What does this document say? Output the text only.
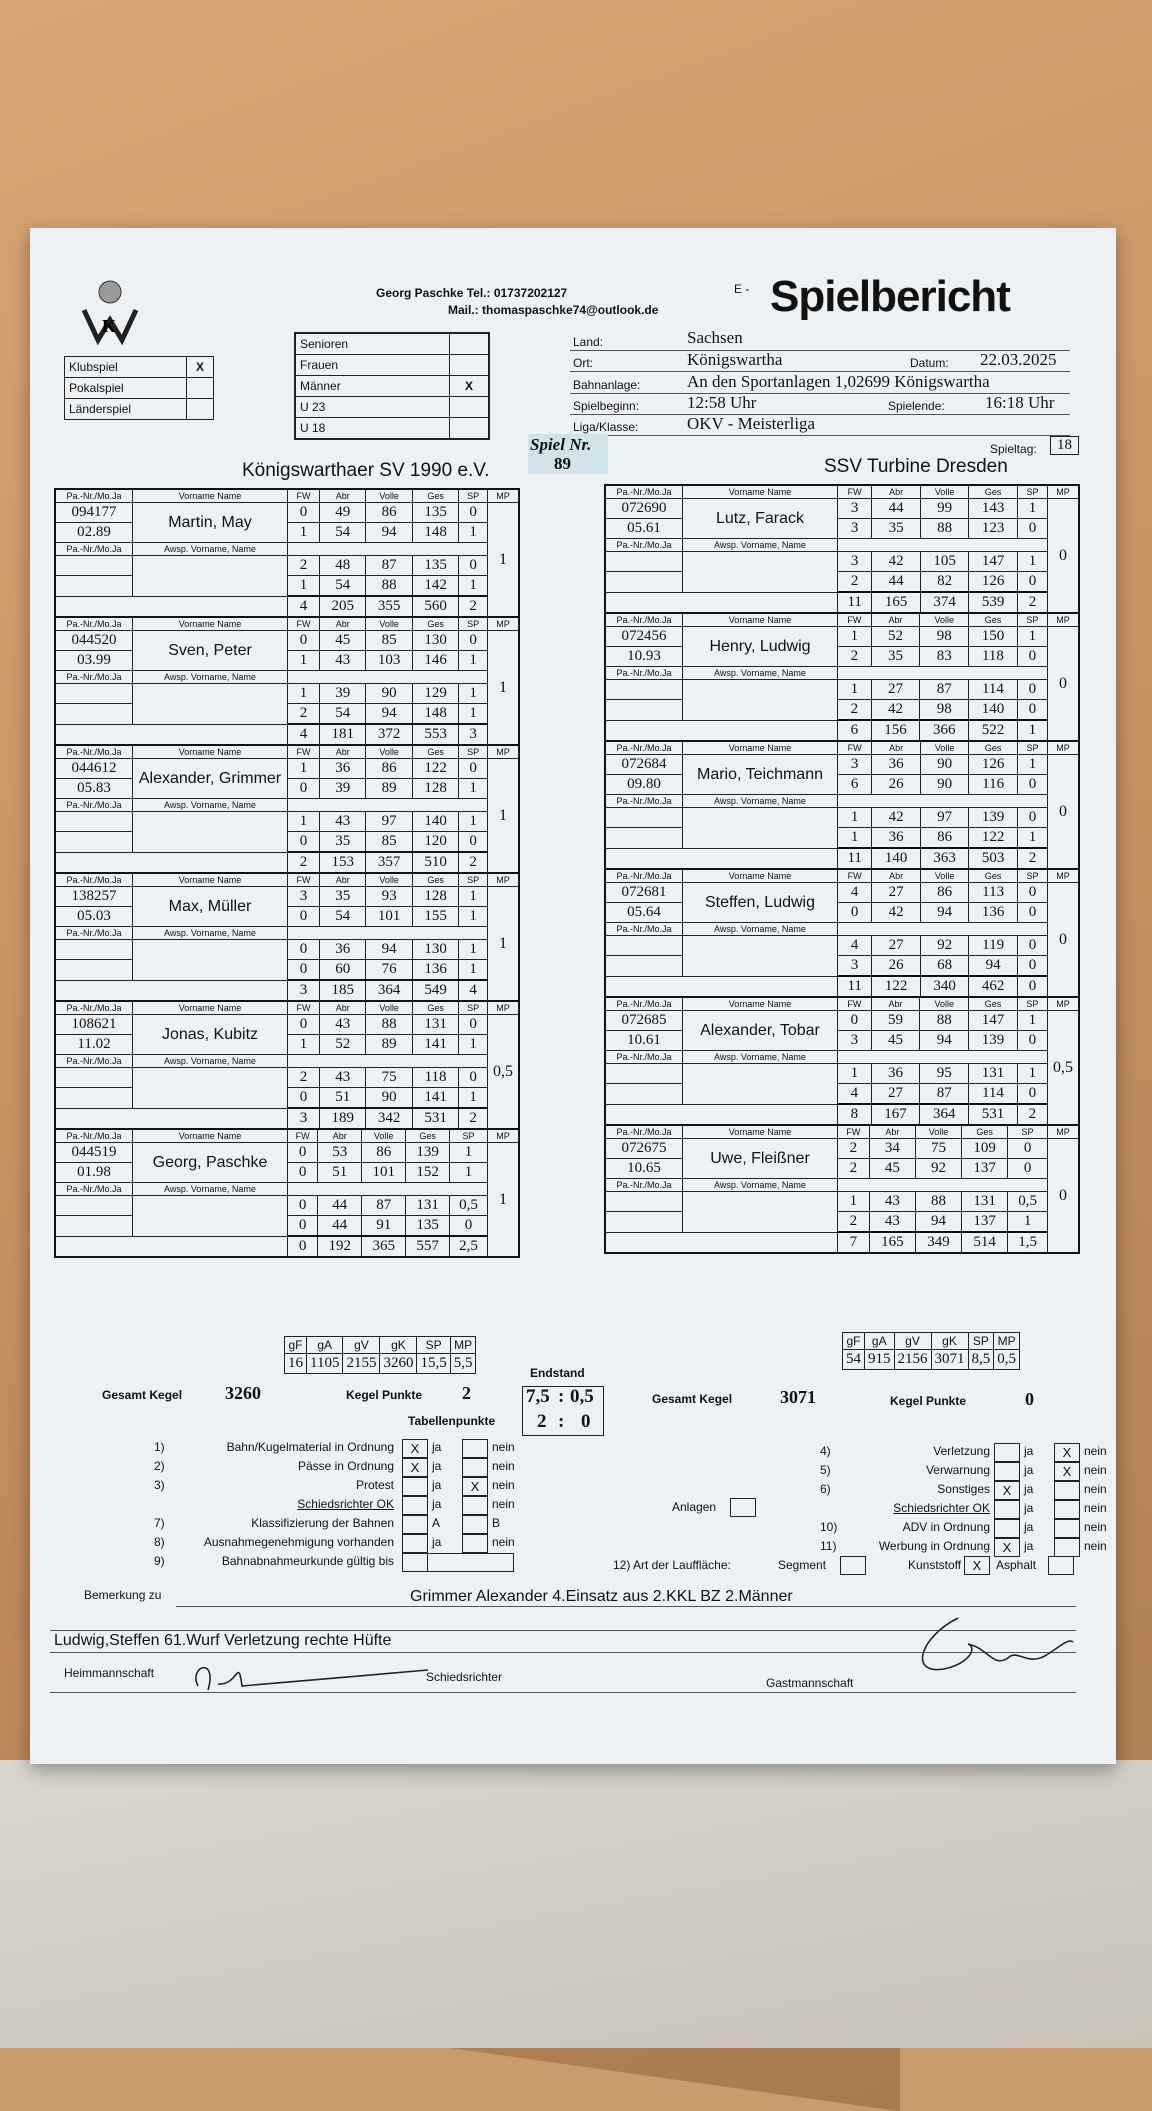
K
Georg Paschke Tel.: 01737202127
Mail.: thomaspaschke74@outlook.de
E - Spielbericht
Klubspiel	X
Pokalspiel	
Länderspiel	
Senioren	
Frauen	
Männer	X
U 23	
U 18	
Land:	Sachsen
Ort:	Königswartha	Datum: 22.03.2025
Bahnanlage:	An den Sportanlagen 1,02699 Königswartha
Spielbeginn:	12:58 Uhr	Spielende: 16:18 Uhr
Liga/Klasse:	OKV - Meisterliga
Spiel Nr.
89
Spieltag:	18
Königswarthaer SV 1990 e.V.	SSV Turbine Dresden
Pa.-Nr./Mo.Ja	Vorname Name	FW	Abr	Volle	Ges	SP	MP
094177	Martin, May	0	49	86	135	0	1
02.89		1	54	94	148	1	
Pa.-Nr./Mo.Ja	Awsp. Vorname, Name						
		2	48	87	135	0	
		1	54	88	142	1	
		4	205	355	560	2	
Pa.-Nr./Mo.Ja	Vorname Name	FW	Abr	Volle	Ges	SP	MP
044520	Sven, Peter	0	45	85	130	0	1
03.99		1	43	103	146	1	
Pa.-Nr./Mo.Ja	Awsp. Vorname, Name						
		1	39	90	129	1	
		2	54	94	148	1	
		4	181	372	553	3	
Pa.-Nr./Mo.Ja	Vorname Name	FW	Abr	Volle	Ges	SP	MP
044612	Alexander, Grimmer	1	36	86	122	0	1
05.83		0	39	89	128	1	
Pa.-Nr./Mo.Ja	Awsp. Vorname, Name						
		1	43	97	140	1	
		0	35	85	120	0	
		2	153	357	510	2	
Pa.-Nr./Mo.Ja	Vorname Name	FW	Abr	Volle	Ges	SP	MP
138257	Max, Müller	3	35	93	128	1	1
05.03		0	54	101	155	1	
Pa.-Nr./Mo.Ja	Awsp. Vorname, Name						
		0	36	94	130	1	
		0	60	76	136	1	
		3	185	364	549	4	
Pa.-Nr./Mo.Ja	Vorname Name	FW	Abr	Volle	Ges	SP	MP
108621	Jonas, Kubitz	0	43	88	131	0	0,5
11.02		1	52	89	141	1	
Pa.-Nr./Mo.Ja	Awsp. Vorname, Name						
		2	43	75	118	0	
		0	51	90	141	1	
		3	189	342	531	2	
Pa.-Nr./Mo.Ja	Vorname Name	FW	Abr	Volle	Ges	SP	MP
044519	Georg, Paschke	0	53	86	139	1	1
01.98		0	51	101	152	1	
Pa.-Nr./Mo.Ja	Awsp. Vorname, Name						
		0	44	87	131	0,5	
		0	44	91	135	0	
		0	192	365	557	2,5	
Pa.-Nr./Mo.Ja	Vorname Name	FW	Abr	Volle	Ges	SP	MP
072690	Lutz, Farack	3	44	99	143	1	0
05.61		3	35	88	123	0	
Pa.-Nr./Mo.Ja	Awsp. Vorname, Name						
		3	42	105	147	1	
		2	44	82	126	0	
		11	165	374	539	2	
Pa.-Nr./Mo.Ja	Vorname Name	FW	Abr	Volle	Ges	SP	MP
072456	Henry, Ludwig	1	52	98	150	1	0
10.93		2	35	83	118	0	
Pa.-Nr./Mo.Ja	Awsp. Vorname, Name						
		1	27	87	114	0	
		2	42	98	140	0	
		6	156	366	522	1	
Pa.-Nr./Mo.Ja	Vorname Name	FW	Abr	Volle	Ges	SP	MP
072684	Mario, Teichmann	3	36	90	126	1	0
09.80		6	26	90	116	0	
Pa.-Nr./Mo.Ja	Awsp. Vorname, Name						
		1	42	97	139	0	
		1	36	86	122	1	
		11	140	363	503	2	
Pa.-Nr./Mo.Ja	Vorname Name	FW	Abr	Volle	Ges	SP	MP
072681	Steffen, Ludwig	4	27	86	113	0	0
05.64		0	42	94	136	0	
Pa.-Nr./Mo.Ja	Awsp. Vorname, Name						
		4	27	92	119	0	
		3	26	68	94	0	
		11	122	340	462	0	
Pa.-Nr./Mo.Ja	Vorname Name	FW	Abr	Volle	Ges	SP	MP
072685	Alexander, Tobar	0	59	88	147	1	0,5
10.61		3	45	94	139	0	
Pa.-Nr./Mo.Ja	Awsp. Vorname, Name						
		1	36	95	131	1	
		4	27	87	114	0	
		8	167	364	531	2	
Pa.-Nr./Mo.Ja	Vorname Name	FW	Abr	Volle	Ges	SP	MP
072675	Uwe, Fleißner	2	34	75	109	0	0
10.65		2	45	92	137	0	
Pa.-Nr./Mo.Ja	Awsp. Vorname, Name						
		1	43	88	131	0,5	
		2	43	94	137	1	
		7	165	349	514	1,5	
gF	gA	gV	gK	SP	MP
16	1105	2155	3260	15,5	5,5
gF	gA	gV	gK	SP	MP
54	915	2156	3071	8,5	0,5
Endstand
Gesamt Kegel 3260	Kegel Punkte 2	7,5 : 0,5
Tabellenpunkte 2 : 0
Gesamt Kegel	3071	Kegel Punkte	0
1)	Bahn/Kugelmaterial in Ordnung	X	ja	nein
2)	Pässe in Ordnung	X	ja	nein
3)	Protest	ja	X	nein
Schiedsrichter OK	ja	nein
7)	Klassifizierung der Bahnen	A	B
8)	Ausnahmegenehmigung vorhanden	ja	nein
9)	Bahnabnahmeurkunde gültig bis
4)	Verletzung	ja	X	nein
5)	Verwarnung	ja	X	nein
6)	Sonstiges X	ja	nein
Schiedsrichter OK	ja	nein
10)	ADV in Ordnung	ja	nein
11)	Werbung in Ordnung X	ja	nein
Anlagen
12) Art der Lauffläche:	Segment	Kunststoff X	Asphalt
Bemerkung zu	Grimmer Alexander 4.Einsatz aus 2.KKL BZ 2.Männer
Ludwig,Steffen 61.Wurf Verletzung rechte Hüfte
Heimmannschaft	Schiedsrichter	Gastmannschaft
